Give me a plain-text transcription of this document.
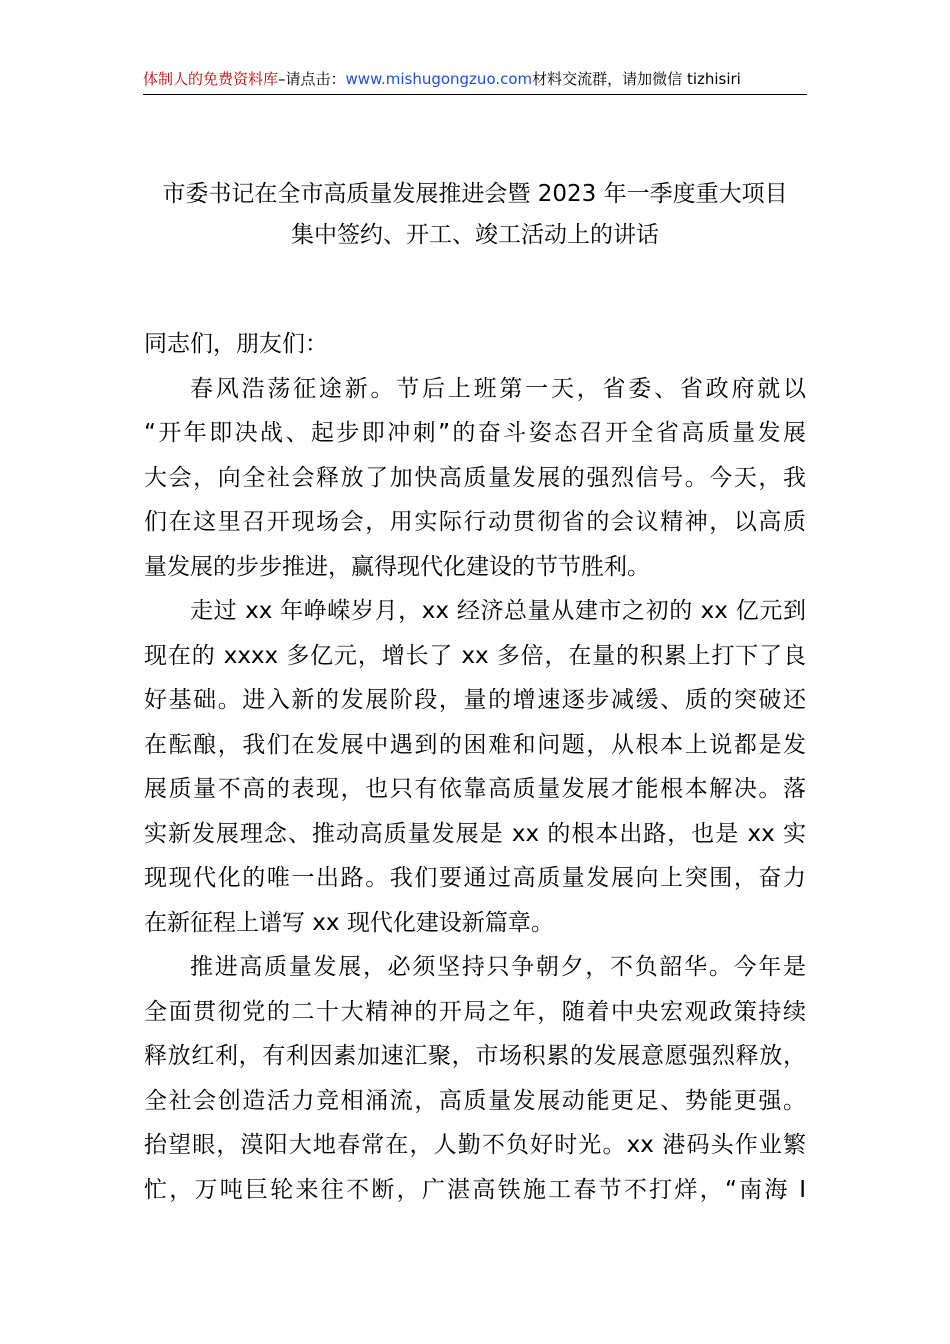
体制人的免费资料库–请点击：www.mishugongzuo.com材料交流群，请加微信 tizhisiri
市委书记在全市高质量发展推进会暨 2023 年一季度重大项目
集中签约、开工、竣工活动上的讲话
同志们，朋友们：
春风浩荡征途新。节后上班第一天，省委、省政府就以
“开年即决战、起步即冲刺”的奋斗姿态召开全省高质量发展
大会，向全社会释放了加快高质量发展的强烈信号。今天，我
们在这里召开现场会，用实际行动贯彻省的会议精神，以高质
量发展的步步推进，赢得现代化建设的节节胜利。
走过 xx 年峥嵘岁月，xx 经济总量从建市之初的 xx 亿元到
现在的 xxxx 多亿元，增长了 xx 多倍，在量的积累上打下了良
好基础。进入新的发展阶段，量的增速逐步减缓、质的突破还
在酝酿，我们在发展中遇到的困难和问题，从根本上说都是发
展质量不高的表现，也只有依靠高质量发展才能根本解决。落
实新发展理念、推动高质量发展是 xx 的根本出路，也是 xx 实
现现代化的唯一出路。我们要通过高质量发展向上突围，奋力
在新征程上谱写 xx 现代化建设新篇章。
推进高质量发展，必须坚持只争朝夕，不负韶华。今年是
全面贯彻党的二十大精神的开局之年，随着中央宏观政策持续
释放红利，有利因素加速汇聚，市场积累的发展意愿强烈释放，
全社会创造活力竞相涌流，高质量发展动能更足、势能更强。
抬望眼，漠阳大地春常在，人勤不负好时光。xx 港码头作业繁
忙，万吨巨轮来往不断，广湛高铁施工春节不打烊，“南海 I
